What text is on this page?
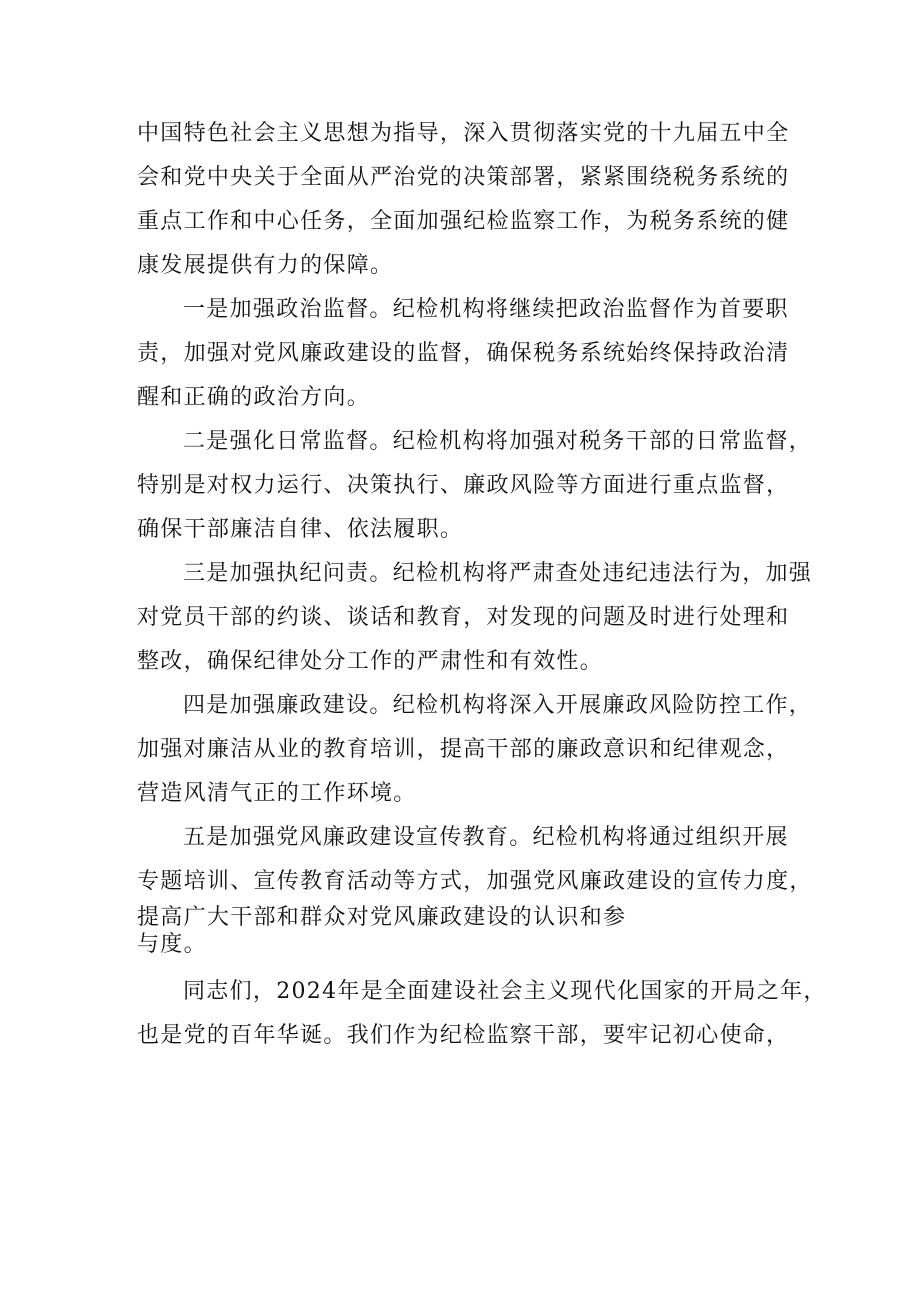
中国特色社会主义思想为指导，深入贯彻落实党的十九届五中全
会和党中央关于全面从严治党的决策部署，紧紧围绕税务系统的
重点工作和中心任务，全面加强纪检监察工作，为税务系统的健
康发展提供有力的保障。
一是加强政治监督。纪检机构将继续把政治监督作为首要职
责，加强对党风廉政建设的监督，确保税务系统始终保持政治清
醒和正确的政治方向。
二是强化日常监督。纪检机构将加强对税务干部的日常监督，
特别是对权力运行、决策执行、廉政风险等方面进行重点监督，
确保干部廉洁自律、依法履职。
三是加强执纪问责。纪检机构将严肃查处违纪违法行为，加强
对党员干部的约谈、谈话和教育，对发现的问题及时进行处理和
整改，确保纪律处分工作的严肃性和有效性。
四是加强廉政建设。纪检机构将深入开展廉政风险防控工作，
加强对廉洁从业的教育培训，提高干部的廉政意识和纪律观念，
营造风清气正的工作环境。
五是加强党风廉政建设宣传教育。纪检机构将通过组织开展
专题培训、宣传教育活动等方式，加强党风廉政建设的宣传力度，
提高广大干部和群众对党风廉政建设的认识和参
与度。
同志们，2024年是全面建设社会主义现代化国家的开局之年，
也是党的百年华诞。我们作为纪检监察干部，要牢记初心使命，
